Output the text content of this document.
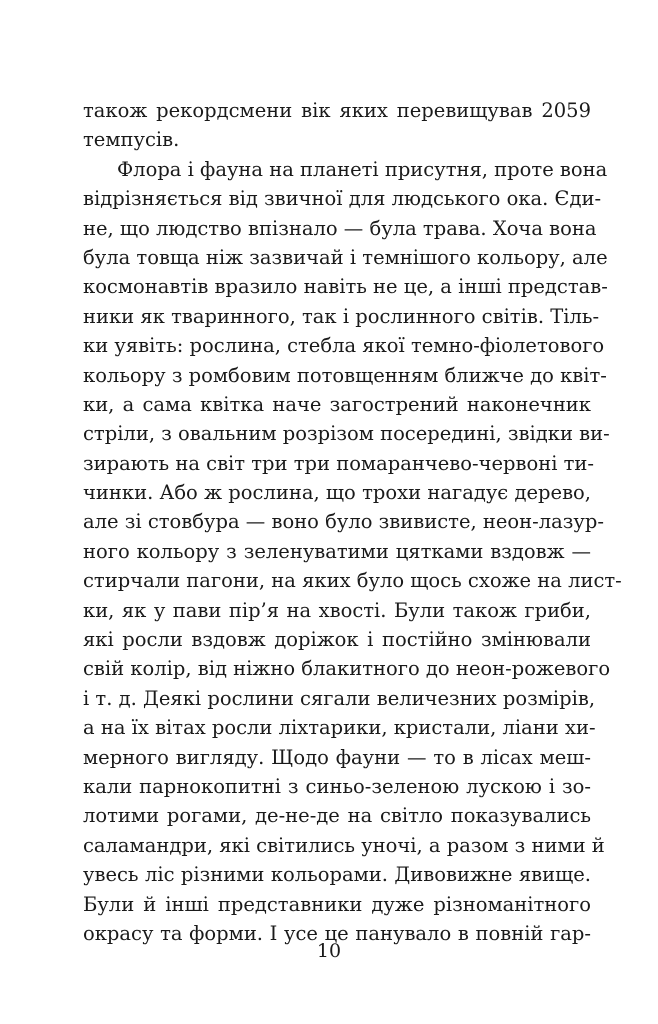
також рекордсмени вік яких перевищував 2059
темпусів.
Флора і фауна на планеті присутня, проте вона
відрізняється від звичної для людського ока. Єди-
не, що людство впізнало — була трава. Хоча вона
була товща ніж зазвичай і темнішого кольору, але
космонавтів вразило навіть не це, а інші представ-
ники як тваринного, так і рослинного світів. Тіль-
ки уявіть: рослина, стебла якої темно-фіолетового
кольору з ромбовим потовщенням ближче до квіт-
ки, а сама квітка наче загострений наконечник
стріли, з овальним розрізом посередині, звідки ви-
зирають на світ три три помаранчево-червоні ти-
чинки. Або ж рослина, що трохи нагадує дерево,
але зі стовбура — воно було звивисте, неон-лазур-
ного кольору з зеленуватими цятками вздовж —
стирчали пагони, на яких було щось схоже на лист-
ки, як у пави пір’я на хвості. Були також гриби,
які росли вздовж доріжок і постійно змінювали
свій колір, від ніжно блакитного до неон-рожевого
і т. д. Деякі рослини сягали величезних розмірів,
а на їх вітах росли ліхтарики, кристали, ліани хи-
мерного вигляду. Щодо фауни — то в лісах меш-
кали парнокопитні з синьо-зеленою лускою і зо-
лотими рогами, де-не-де на світло показувались
саламандри, які світились уночі, а разом з ними й
увесь ліс різними кольорами. Дивовижне явище.
Були й інші представники дуже різноманітного
окрасу та форми. І усе це панувало в повній гар-
10
